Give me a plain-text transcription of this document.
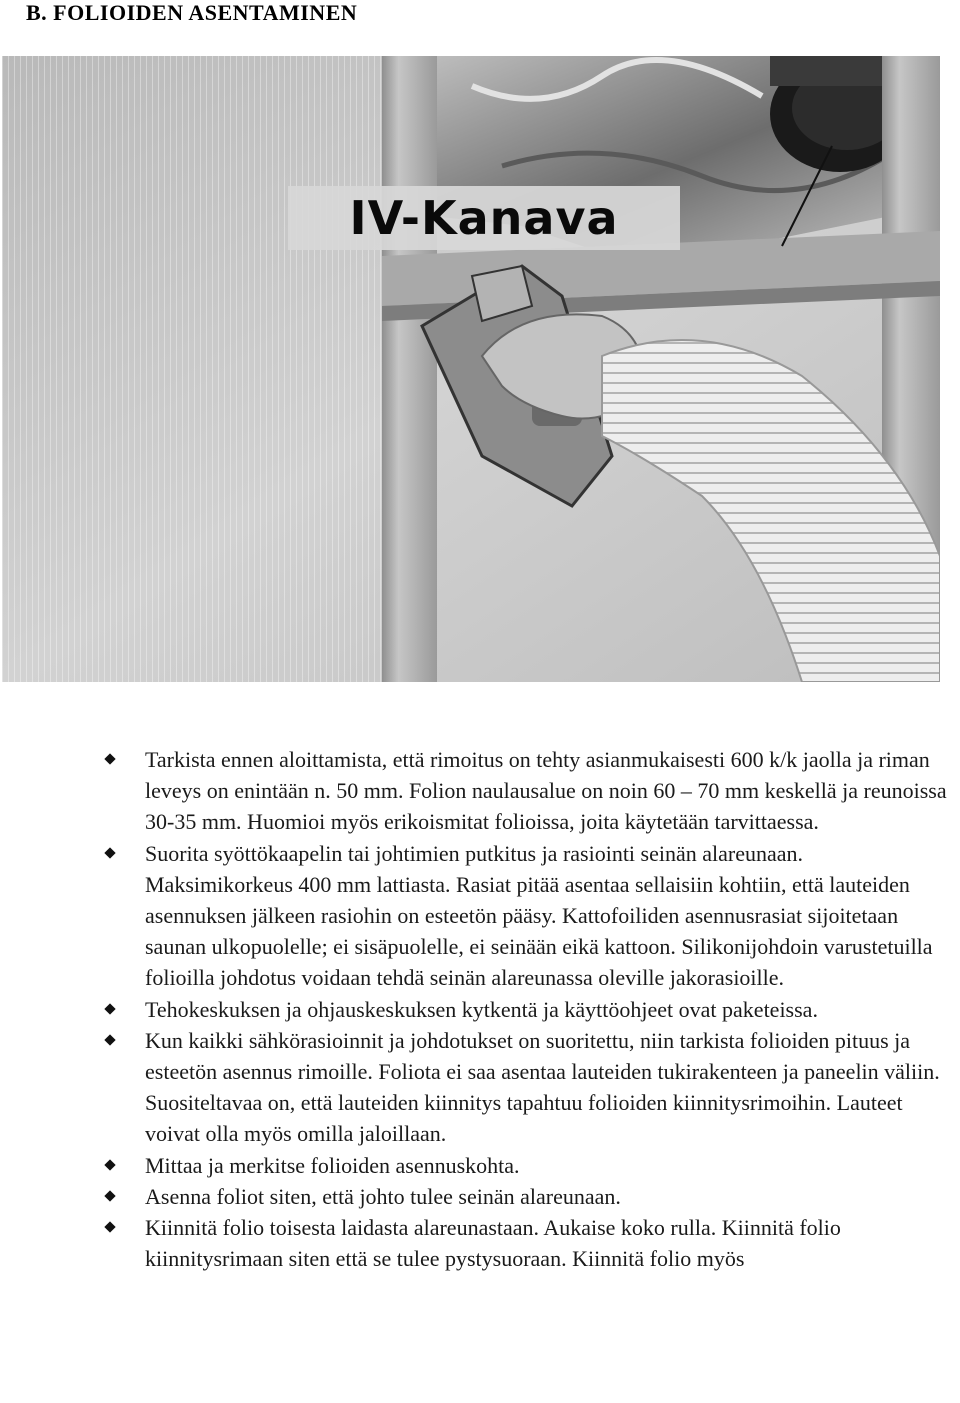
B. FOLIOIDEN ASENTAMINEN
IV-Kanava
Tarkista ennen aloittamista, että rimoitus on tehty asianmukaisesti 600 k/k jaolla ja riman leveys on enintään n. 50 mm. Folion naulausalue on noin 60 – 70 mm keskellä ja reunoissa 30-35 mm. Huomioi myös erikoismitat folioissa, joita käytetään tarvittaessa.
Suorita syöttökaapelin tai johtimien putkitus ja rasiointi seinän alareunaan. Maksimikorkeus 400 mm lattiasta. Rasiat pitää asentaa sellaisiin kohtiin, että lauteiden asennuksen jälkeen rasiohin on esteetön pääsy. Kattofoiliden asennusrasiat sijoitetaan saunan ulkopuolelle; ei sisäpuolelle, ei seinään eikä kattoon. Silikonijohdoin varustetuilla folioilla johdotus voidaan tehdä seinän alareunassa oleville jakorasioille.
Tehokeskuksen ja ohjauskeskuksen kytkentä ja käyttöohjeet ovat paketeissa.
Kun kaikki sähkörasioinnit ja johdotukset on suoritettu, niin tarkista folioiden pituus ja esteetön asennus rimoille. Foliota ei saa asentaa lauteiden tukirakenteen ja paneelin väliin. Suositeltavaa on, että lauteiden kiinnitys tapahtuu folioiden kiinnitysrimoihin. Lauteet voivat olla myös omilla jaloillaan.
Mittaa ja merkitse folioiden asennuskohta.
Asenna foliot siten, että johto tulee seinän alareunaan.
Kiinnitä folio toisesta laidasta alareunastaan. Aukaise koko rulla. Kiinnitä folio kiinnitysrimaan siten että se tulee pystysuoraan. Kiinnitä folio myös
